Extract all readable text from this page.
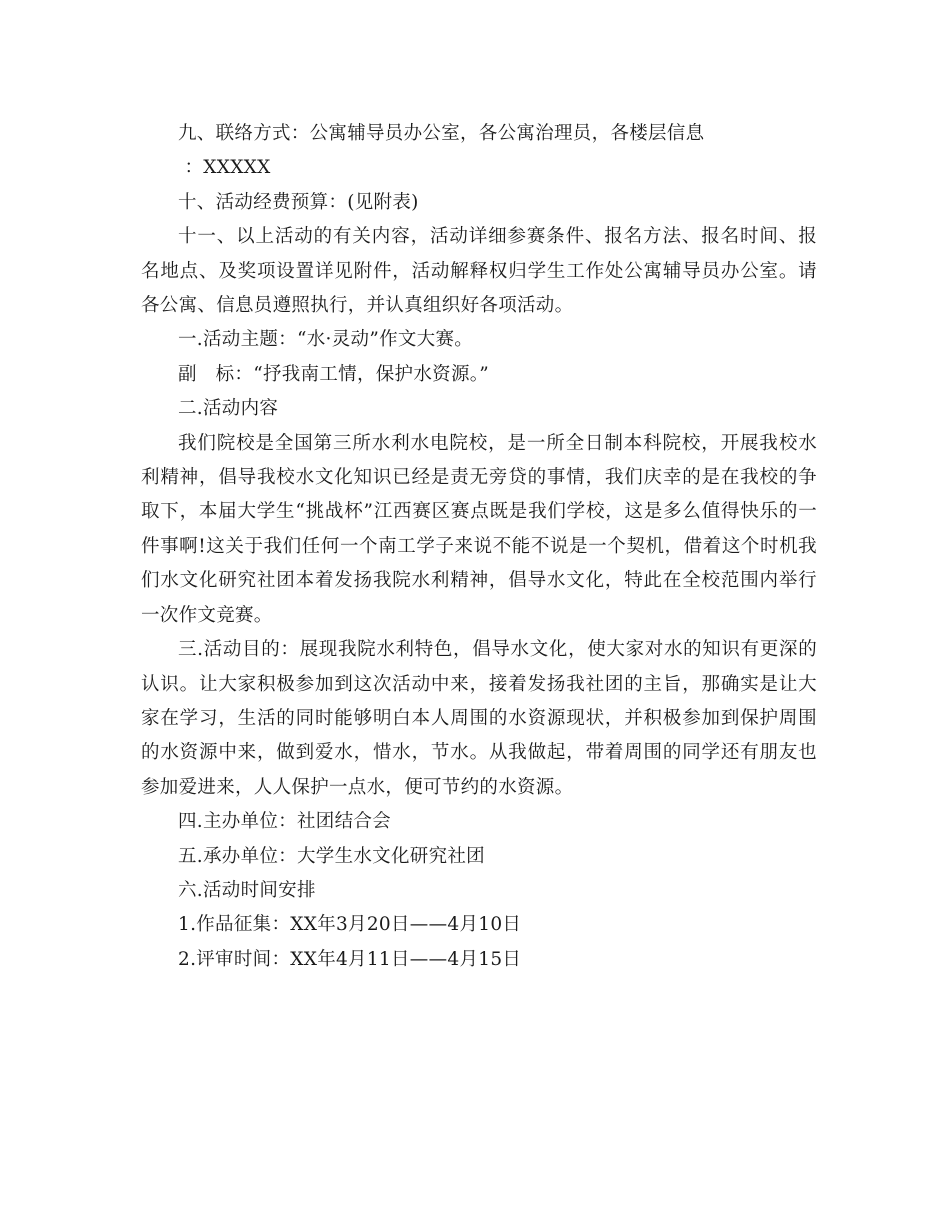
九、联络方式：公寓辅导员办公室，各公寓治理员，各楼层信息

：XXXXX

十、活动经费预算：(见附表)

十一、以上活动的有关内容，活动详细参赛条件、报名方法、报名时间、报名地点、及奖项设置详见附件，活动解释权归学生工作处公寓辅导员办公室。请各公寓、信息员遵照执行，并认真组织好各项活动。

一.活动主题：“水·灵动”作文大赛。

副　标：“抒我南工情，保护水资源。”

二.活动内容

我们院校是全国第三所水利水电院校，是一所全日制本科院校，开展我校水利精神，倡导我校水文化知识已经是责无旁贷的事情，我们庆幸的是在我校的争取下，本届大学生“挑战杯”江西赛区赛点既是我们学校，这是多么值得快乐的一件事啊!这关于我们任何一个南工学子来说不能不说是一个契机，借着这个时机我们水文化研究社团本着发扬我院水利精神，倡导水文化，特此在全校范围内举行一次作文竞赛。

三.活动目的：展现我院水利特色，倡导水文化，使大家对水的知识有更深的认识。让大家积极参加到这次活动中来，接着发扬我社团的主旨，那确实是让大家在学习，生活的同时能够明白本人周围的水资源现状，并积极参加到保护周围的水资源中来，做到爱水，惜水，节水。从我做起，带着周围的同学还有朋友也参加爱进来，人人保护一点水，便可节约的水资源。

四.主办单位：社团结合会

五.承办单位：大学生水文化研究社团

六.活动时间安排

1.作品征集：XX年3月20日——4月10日

2.评审时间：XX年4月11日——4月15日
